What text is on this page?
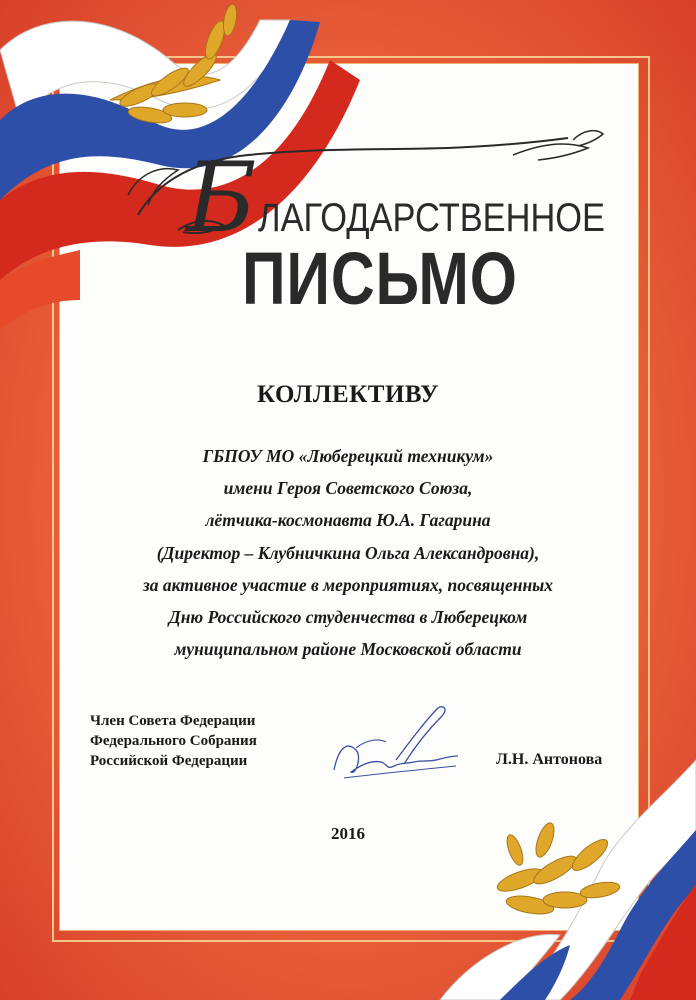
Б ЛАГОДАРСТВЕННОЕ
ПИСЬМО
КОЛЛЕКТИВУ
ГБПОУ МО «Люберецкий техникум»
имени Героя Советского Союза,
лётчика-космонавта Ю.А. Гагарина
(Директор – Клубничкина Ольга Александровна),
за активное участие в мероприятиях, посвященных
Дню Российского студенчества в Люберецком
муниципальном районе Московской области
Член Совета Федерации
Федерального Собрания
Российской Федерации	Л.Н. Антонова
2016
